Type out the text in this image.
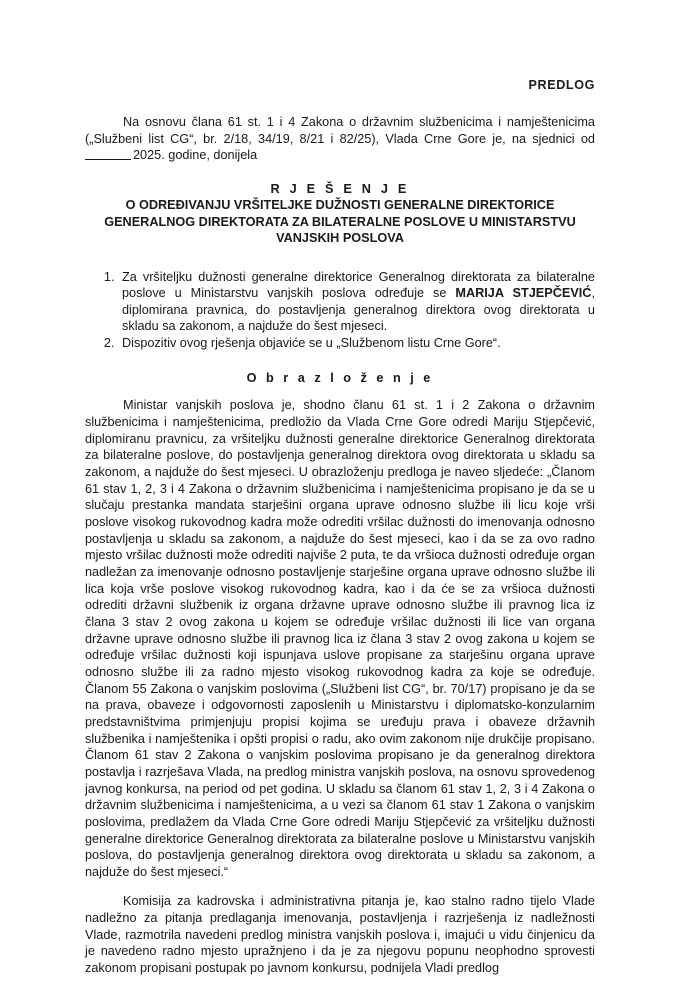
PREDLOG

Na osnovu člana 61 st. 1 i 4 Zakona o državnim službenicima i namještenicima („Službeni list CG“, br. 2/18, 34/19, 8/21 i 82/25), Vlada Crne Gore je, na sjednici od 2025. godine, donijela

R J E Š E N J E
O ODREĐIVANJU VRŠITELJKE DUŽNOSTI GENERALNE DIREKTORICE GENERALNOG DIREKTORATA ZA BILATERALNE POSLOVE U MINISTARSTVU VANJSKIH POSLOVA
1. Za vršiteljku dužnosti generalne direktorice Generalnog direktorata za bilateralne poslove u Ministarstvu vanjskih poslova određuje se MARIJA STJEPČEVIĆ, diplomirana pravnica, do postavljenja generalnog direktora ovog direktorata u skladu sa zakonom, a najduže do šest mjeseci.
2. Dispozitiv ovog rješenja objaviće se u „Službenom listu Crne Gore“.
O b r a z l o ž e n j e

Ministar vanjskih poslova je, shodno članu 61 st. 1 i 2 Zakona o državnim službenicima i namještenicima, predložio da Vlada Crne Gore odredi Mariju Stjepčević, diplomiranu pravnicu, za vršiteljku dužnosti generalne direktorice Generalnog direktorata za bilateralne poslove, do postavljenja generalnog direktora ovog direktorata u skladu sa zakonom, a najduže do šest mjeseci. U obrazloženju predloga je naveo sljedeće: „Članom 61 stav 1, 2, 3 i 4 Zakona o državnim službenicima i namještenicima propisano je da se u slučaju prestanka mandata starješini organa uprave odnosno službe ili licu koje vrši poslove visokog rukovodnog kadra može odrediti vršilac dužnosti do imenovanja odnosno postavljenja u skladu sa zakonom, a najduže do šest mjeseci, kao i da se za ovo radno mjesto vršilac dužnosti može odrediti najviše 2 puta, te da vršioca dužnosti određuje organ nadležan za imenovanje odnosno postavljenje starješine organa uprave odnosno službe ili lica koja vrše poslove visokog rukovodnog kadra, kao i da će se za vršioca dužnosti odrediti državni službenik iz organa državne uprave odnosno službe ili pravnog lica iz člana 3 stav 2 ovog zakona u kojem se određuje vršilac dužnosti ili lice van organa državne uprave odnosno službe ili pravnog lica iz člana 3 stav 2 ovog zakona u kojem se određuje vršilac dužnosti koji ispunjava uslove propisane za starješinu organa uprave odnosno službe ili za radno mjesto visokog rukovodnog kadra za koje se određuje. Članom 55 Zakona o vanjskim poslovima („Službeni list CG“, br. 70/17) propisano je da se na prava, obaveze i odgovornosti zaposlenih u Ministarstvu i diplomatsko-konzularnim predstavništvima primjenjuju propisi kojima se uređuju prava i obaveze državnih službenika i namještenika i opšti propisi o radu, ako ovim zakonom nije drukčije propisano. Članom 61 stav 2 Zakona o vanjskim poslovima propisano je da generalnog direktora postavlja i razrješava Vlada, na predlog ministra vanjskih poslova, na osnovu sprovedenog javnog konkursa, na period od pet godina. U skladu sa članom 61 stav 1, 2, 3 i 4 Zakona o državnim službenicima i namještenicima, a u vezi sa članom 61 stav 1 Zakona o vanjskim poslovima, predlažem da Vlada Crne Gore odredi Mariju Stjepčević za vršiteljku dužnosti generalne direktorice Generalnog direktorata za bilateralne poslove u Ministarstvu vanjskih poslova, do postavljenja generalnog direktora ovog direktorata u skladu sa zakonom, a najduže do šest mjeseci.“

Komisija za kadrovska i administrativna pitanja je, kao stalno radno tijelo Vlade nadležno za pitanja predlaganja imenovanja, postavljenja i razrješenja iz nadležnosti Vlade, razmotrila navedeni predlog ministra vanjskih poslova i, imajući u vidu činjenicu da je navedeno radno mjesto upražnjeno i da je za njegovu popunu neophodno sprovesti zakonom propisani postupak po javnom konkursu, podnijela Vladi predlog
